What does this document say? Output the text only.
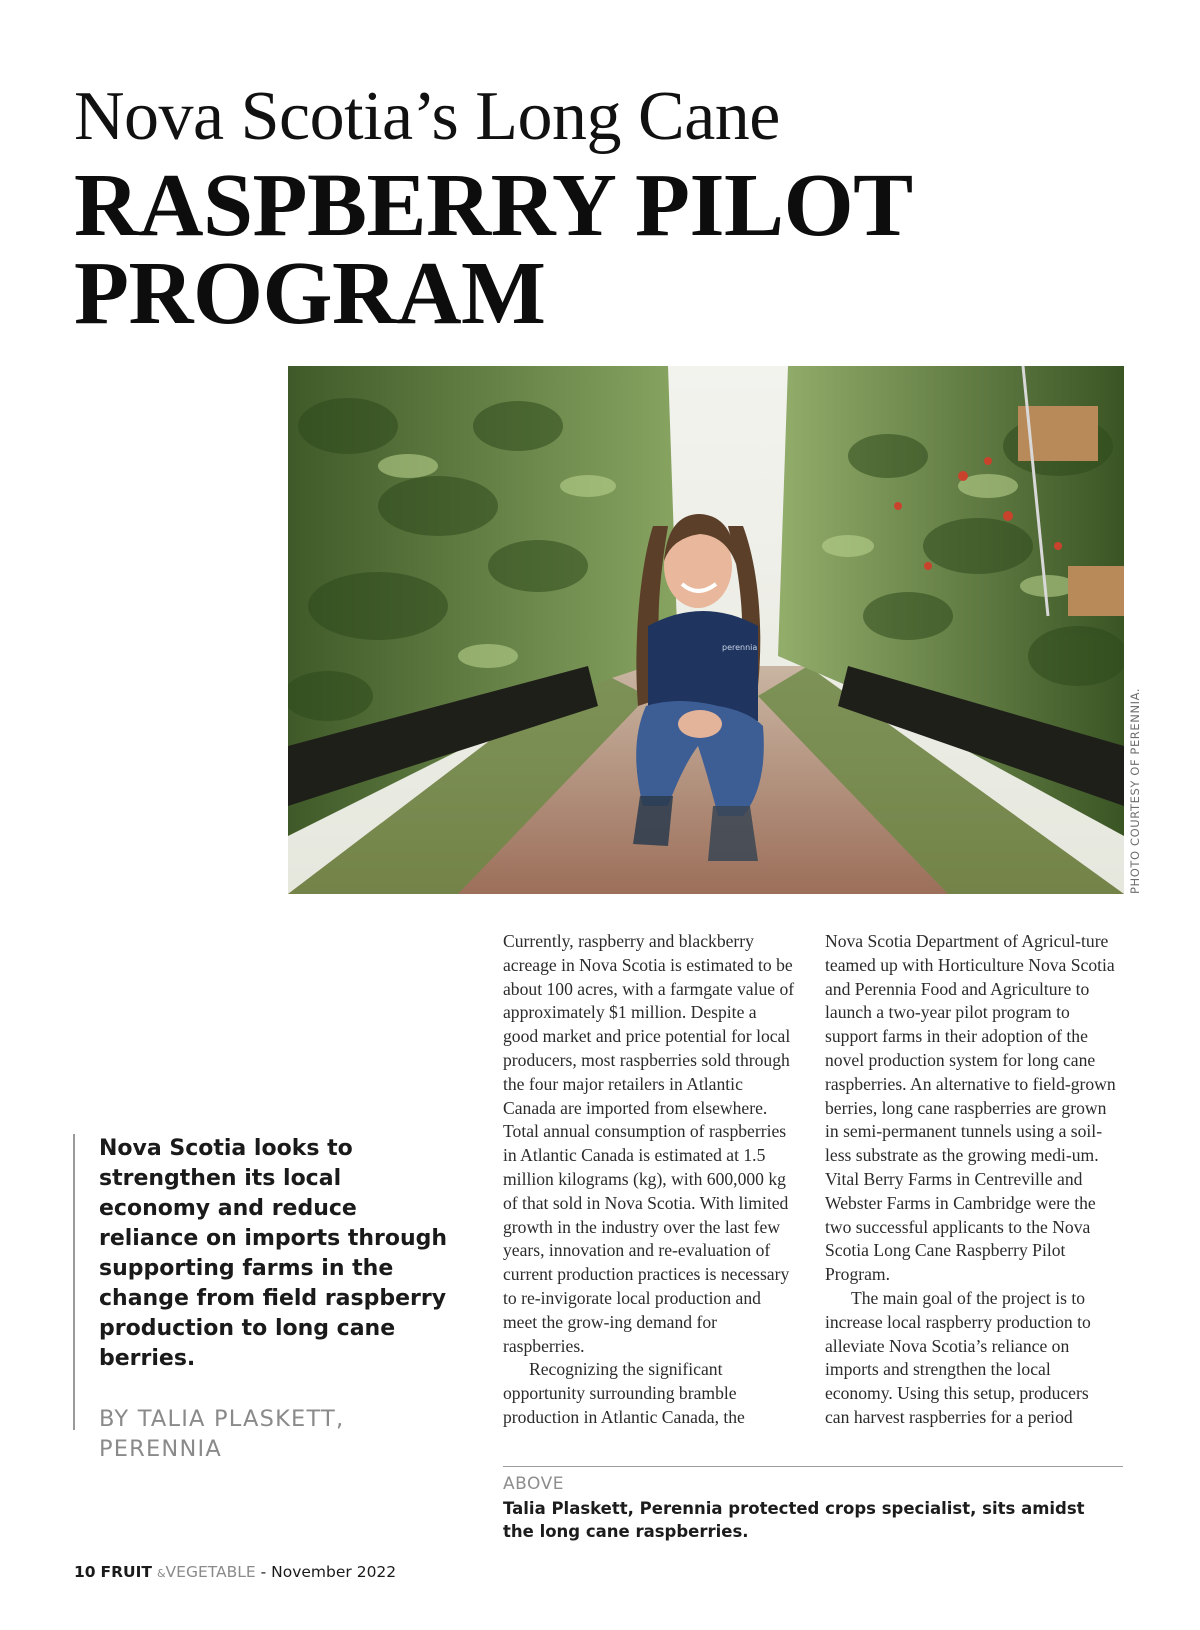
Nova Scotia’s Long Cane
RASPBERRY PILOT PROGRAM
perennia
PHOTO COURTESY OF PERENNIA.

Nova Scotia looks to strengthen its local economy and reduce reliance on imports through supporting farms in the change from field raspberry production to long cane berries.

BY TALIA PLASKETT, PERENNIA

Currently, raspberry and blackberry acreage in Nova Scotia is estimated to be about 100 acres, with a farmgate value of approximately $1 million. Despite a good market and price potential for local producers, most raspberries sold through the four major retailers in Atlantic Canada are imported from elsewhere. Total annual consumption of raspberries in Atlantic Canada is estimated at 1.5 million kilograms (kg), with 600,000 kg of that sold in Nova Scotia. With limited growth in the industry over the last few years, innovation and re-evaluation of current production practices is necessary to re-invigorate local production and meet the grow-ing demand for raspberries.

Recognizing the significant opportunity surrounding bramble production in Atlantic Canada, the

Nova Scotia Department of Agricul-ture teamed up with Horticulture Nova Scotia and Perennia Food and Agriculture to launch a two-year pilot program to support farms in their adoption of the novel production system for long cane raspberries. An alternative to field-grown berries, long cane raspberries are grown in semi-permanent tunnels using a soil-less substrate as the growing medi-um. Vital Berry Farms in Centreville and Webster Farms in Cambridge were the two successful applicants to the Nova Scotia Long Cane Raspberry Pilot Program.

The main goal of the project is to increase local raspberry production to alleviate Nova Scotia’s reliance on imports and strengthen the local economy. Using this setup, producers can harvest raspberries for a period

ABOVE

Talia Plaskett, Perennia protected crops specialist, sits amidst the long cane raspberries.

10 FRUIT &VEGETABLE - November 2022
